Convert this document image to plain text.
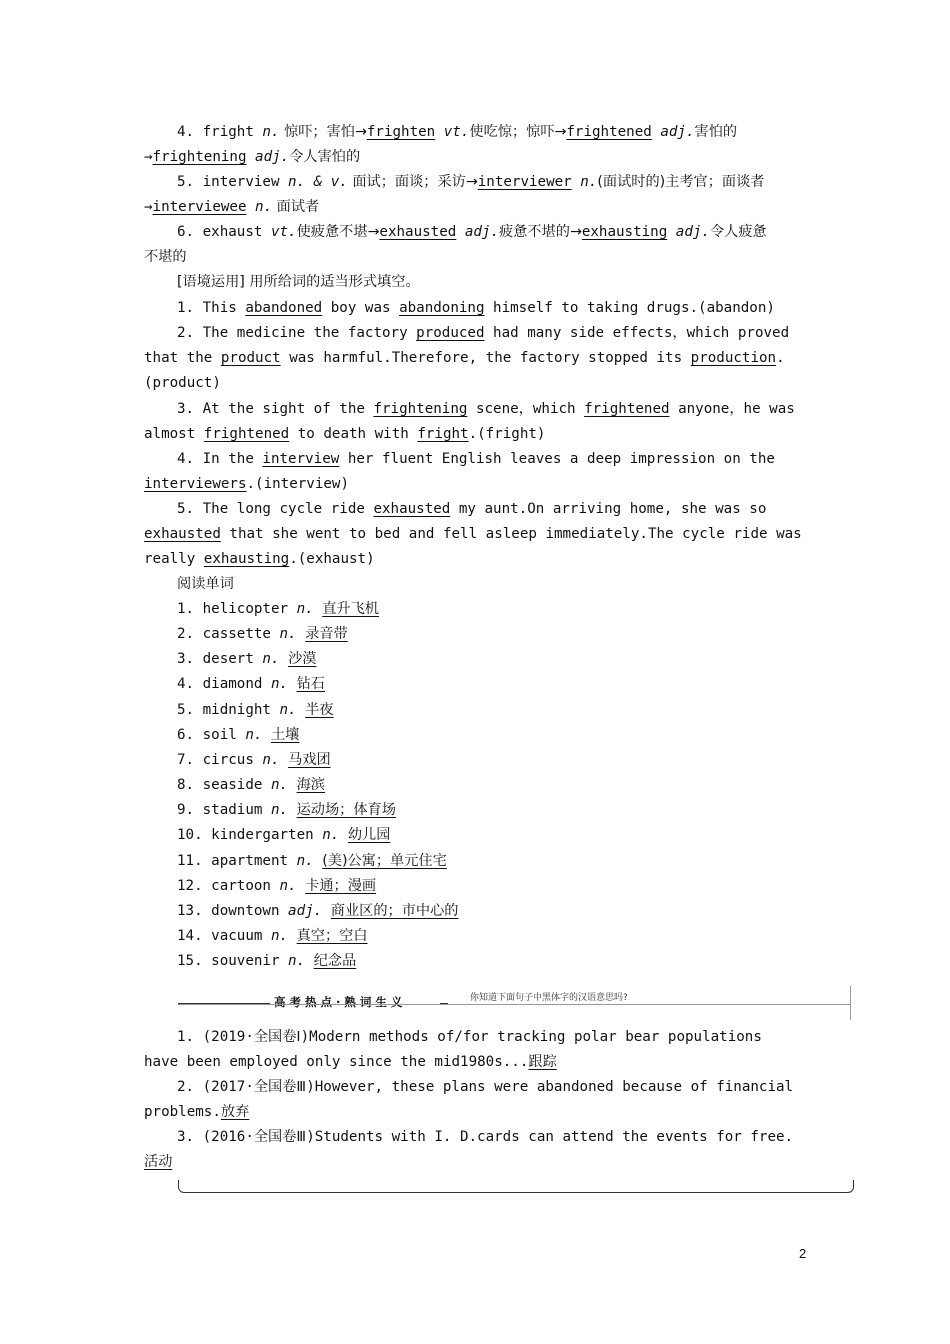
4. fright n. 惊吓；害怕→frighten vt.使吃惊；惊吓→frightened adj.害怕的
→frightening adj.令人害怕的
5. interview n. & v. 面试；面谈；采访→interviewer n.(面试时的)主考官；面谈者
→interviewee n. 面试者
6. exhaust vt.使疲惫不堪→exhausted adj.疲惫不堪的→exhausting adj.令人疲惫
不堪的
[语境运用] 用所给词的适当形式填空。
1. This abandoned boy was abandoning himself to taking drugs.(abandon)
2. The medicine the factory produced had many side effects，which proved
that the product was harmful.Therefore, the factory stopped its production.
(product)
3. At the sight of the frightening scene，which frightened anyone，he was
almost frightened to death with fright.(fright)
4. In the interview her fluent English leaves a deep impression on the
interviewers.(interview)
5. The long cycle ride exhausted my aunt.On arriving home, she was so
exhausted that she went to bed and fell asleep immediately.The cycle ride was
really exhausting.(exhaust)
阅读单词
1. helicopter n. 直升飞机
2. cassette n. 录音带
3. desert n. 沙漠
4. diamond n. 钻石
5. midnight n. 半夜
6. soil n. 土壤
7. circus n. 马戏团
8. seaside n. 海滨
9. stadium n. 运动场；体育场
10. kindergarten n. 幼儿园
11. apartment n. (美)公寓；单元住宅
12. cartoon n. 卡通；漫画
13. downtown adj. 商业区的；市中心的
14. vacuum n. 真空；空白
15. souvenir n. 纪念品
高考热点·熟词生义	你知道下面句子中黑体字的汉语意思吗?
1. (2019·全国卷Ⅰ)Modern methods of/for tracking polar bear populations
have been employed only since the mid1980s...跟踪
2. (2017·全国卷Ⅲ)However, these plans were abandoned because of financial
problems.放弃
3. (2016·全国卷Ⅲ)Students with I. D.cards can attend the events for free.
活动
2
